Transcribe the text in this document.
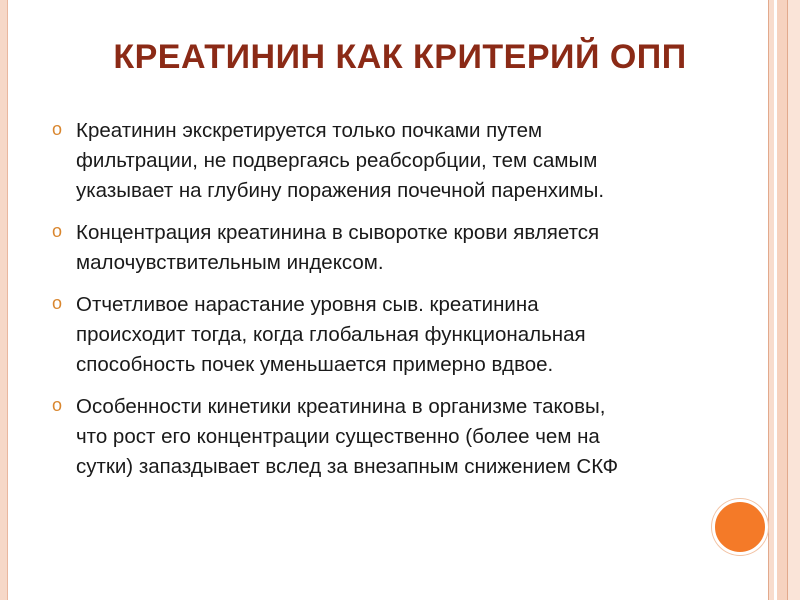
КРЕАТИНИН КАК КРИТЕРИЙ ОПП
o Креатинин экскретируется только почками путем
фильтрации, не подвергаясь реабсорбции, тем самым
указывает на глубину поражения почечной паренхимы.
o Концентрация креатинина в сыворотке крови является
малочувствительным индексом.
o Отчетливое нарастание уровня сыв. креатинина
происходит тогда, когда глобальная функциональная
способность почек уменьшается примерно вдвое.
o Особенности кинетики креатинина в организме таковы,
что рост его концентрации существенно (более чем на
сутки) запаздывает вслед за внезапным снижением СКФ
